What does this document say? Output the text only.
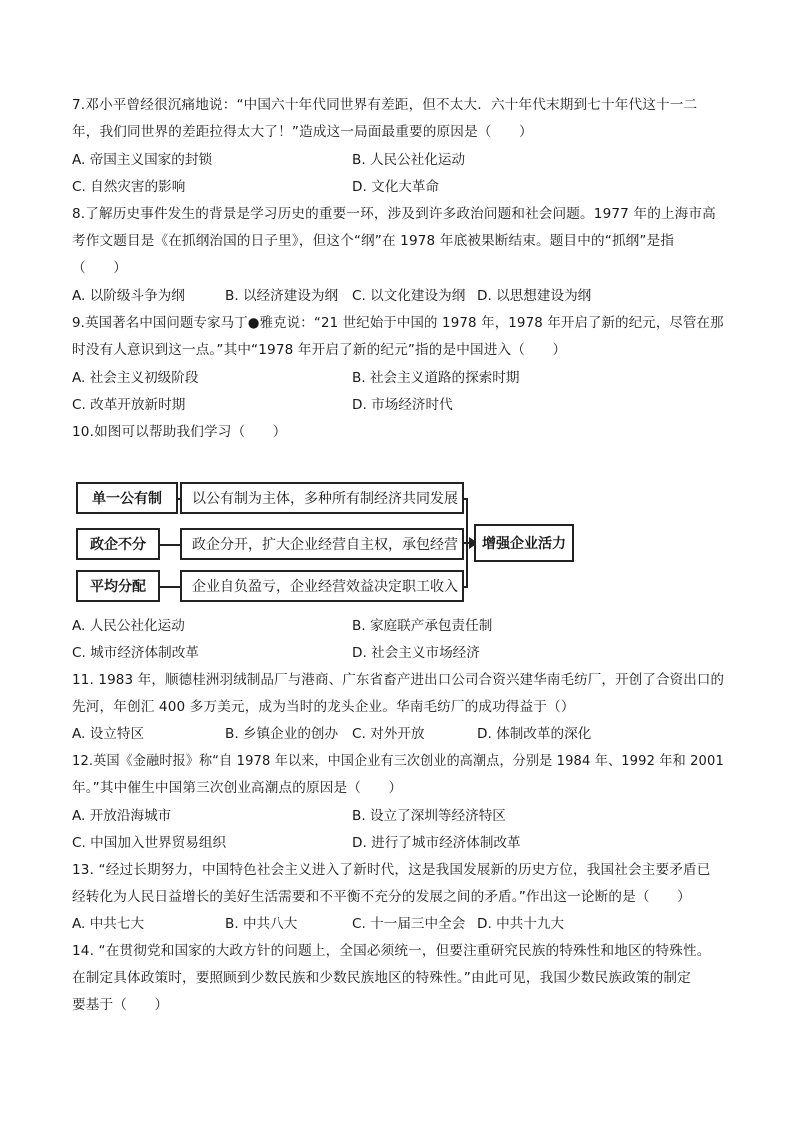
7.邓小平曾经很沉痛地说：“中国六十年代同世界有差距，但不太大．六十年代末期到七十年代这十一二
年，我们同世界的差距拉得太大了！”造成这一局面最重要的原因是（　　）
A. 帝国主义国家的封锁	B. 人民公社化运动
C. 自然灾害的影响	D. 文化大革命
8.了解历史事件发生的背景是学习历史的重要一环，涉及到许多政治问题和社会问题。1977 年的上海市高
考作文题目是《在抓纲治国的日子里》，但这个“纲”在 1978 年底被果断结束。题目中的“抓纲”是指
（　　）
A. 以阶级斗争为纲	B. 以经济建设为纲 C. 以文化建设为纲 D. 以思想建设为纲
9.英国著名中国问题专家马丁●雅克说：“21 世纪始于中国的 1978 年，1978 年开启了新的纪元，尽管在那
时没有人意识到这一点。”其中“1978 年开启了新的纪元”指的是中国进入（　　）
A. 社会主义初级阶段	B. 社会主义道路的探索时期
C. 改革开放新时期	D. 市场经济时代
10.如图可以帮助我们学习（　　）
单一公有制
政企不分
平均分配
以公有制为主体，多种所有制经济共同发展
政企分开，扩大企业经营自主权，承包经营
企业自负盈亏，企业经营效益决定职工收入
增强企业活力
A. 人民公社化运动	B. 家庭联产承包责任制
C. 城市经济体制改革	D. 社会主义市场经济
11. 1983 年，顺德桂洲羽绒制品厂与港商、广东省畜产进出口公司合资兴建华南毛纺厂，开创了合资出口的
先河，年创汇 400 多万美元，成为当时的龙头企业。华南毛纺厂的成功得益于（）
A. 设立特区	B. 乡镇企业的创办 C. 对外开放	D. 体制改革的深化
12.英国《金融时报》称“自 1978 年以来，中国企业有三次创业的高潮点，分别是 1984 年、1992 年和 2001
年。”其中催生中国第三次创业高潮点的原因是（　　）
A. 开放沿海城市	B. 设立了深圳等经济特区
C. 中国加入世界贸易组织	D. 进行了城市经济体制改革
13. “经过长期努力，中国特色社会主义进入了新时代，这是我国发展新的历史方位，我国社会主要矛盾已
经转化为人民日益增长的美好生活需要和不平衡不充分的发展之间的矛盾。”作出这一论断的是（　　）
A. 中共七大	B. 中共八大	C. 十一届三中全会 D. 中共十九大
14. “在贯彻党和国家的大政方针的问题上，全国必须统一，但要注重研究民族的特殊性和地区的特殊性。
在制定具体政策时，要照顾到少数民族和少数民族地区的特殊性。”由此可见，我国少数民族政策的制定
要基于（　　）
